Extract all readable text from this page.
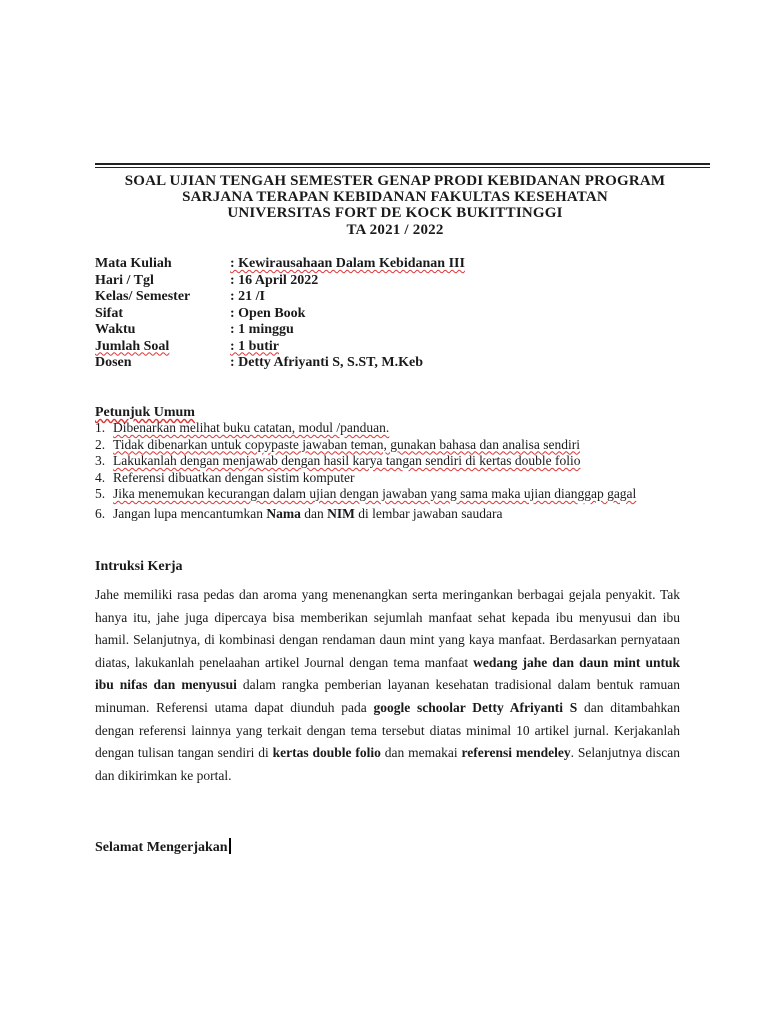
SOAL UJIAN TENGAH SEMESTER GENAP PRODI KEBIDANAN PROGRAM
SARJANA TERAPAN KEBIDANAN FAKULTAS KESEHATAN
UNIVERSITAS FORT DE KOCK BUKITTINGGI
TA 2021 / 2022
Mata Kuliah	: Kewirausahaan Dalam Kebidanan III
Hari / Tgl	: 16 April 2022
Kelas/ Semester	: 21 /I
Sifat	: Open Book
Waktu	: 1 minggu
Jumlah Soal	: 1 butir
Dosen	: Detty Afriyanti S, S.ST, M.Keb
Petunjuk Umum
1. Dibenarkan melihat buku catatan, modul /panduan.
2. Tidak dibenarkan untuk copypaste jawaban teman, gunakan bahasa dan analisa sendiri
3. Lakukanlah dengan menjawab dengan hasil karya tangan sendiri di kertas double folio
4. Referensi dibuatkan dengan sistim komputer
5. Jika menemukan kecurangan dalam ujian dengan jawaban yang sama maka ujian dianggap gagal
6. Jangan lupa mencantumkan Nama dan NIM di lembar jawaban saudara
Intruksi Kerja
Jahe memiliki rasa pedas dan aroma yang menenangkan serta meringankan berbagai gejala penyakit. Tak hanya itu, jahe juga dipercaya bisa memberikan sejumlah manfaat sehat kepada ibu menyusui dan ibu hamil. Selanjutnya, di kombinasi dengan rendaman daun mint yang kaya manfaat. Berdasarkan pernyataan diatas, lakukanlah penelaahan artikel Journal dengan tema manfaat wedang jahe dan daun mint untuk ibu nifas dan menyusui dalam rangka pemberian layanan kesehatan tradisional dalam bentuk ramuan minuman. Referensi utama dapat diunduh pada google schoolar Detty Afriyanti S dan ditambahkan dengan referensi lainnya yang terkait dengan tema tersebut diatas minimal 10 artikel jurnal. Kerjakanlah dengan tulisan tangan sendiri di kertas double folio dan memakai referensi mendeley. Selanjutnya discan dan dikirimkan ke portal.
Selamat Mengerjakan
